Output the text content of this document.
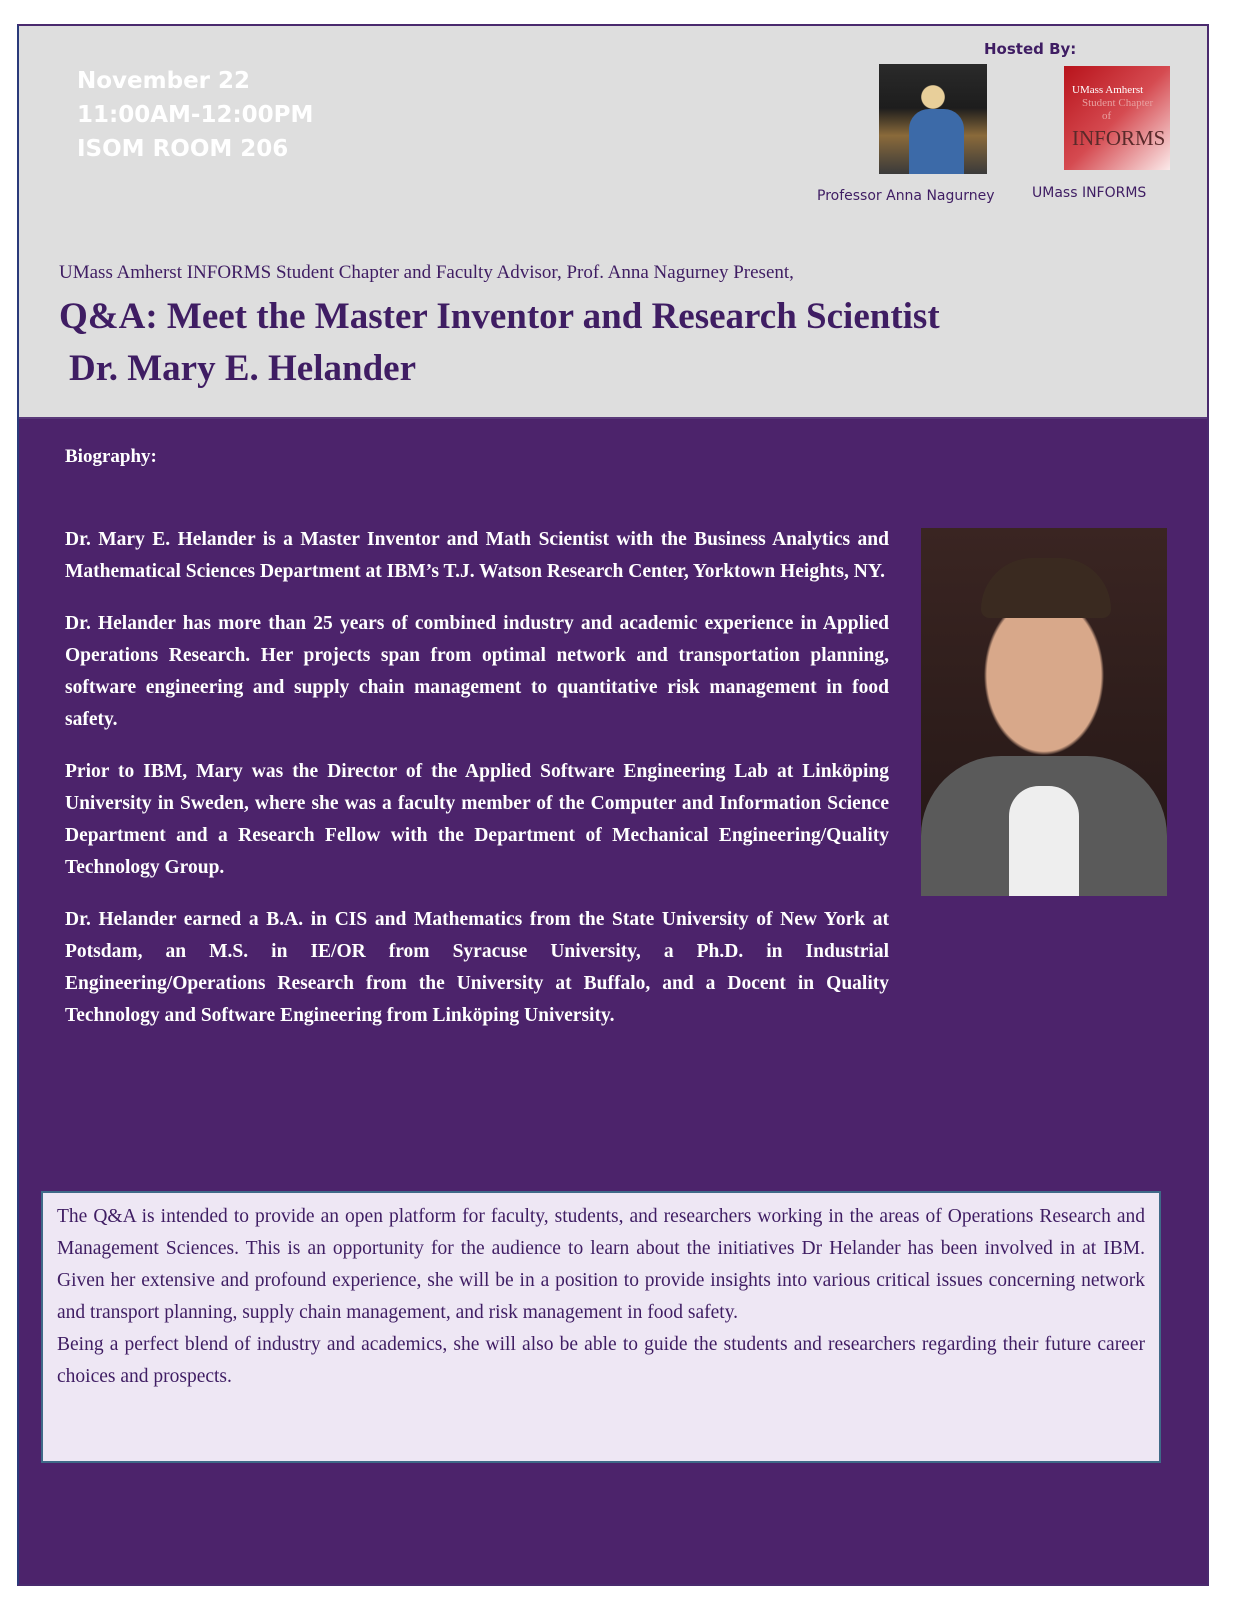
November 22
11:00AM-12:00PM
ISOM ROOM 206
Hosted By:
Professor Anna Nagurney
UMass Amherst
Student Chapter
of
INFORMS
UMass INFORMS
UMass Amherst INFORMS Student Chapter and Faculty Advisor, Prof. Anna Nagurney Present,
Q&A: Meet the Master Inventor and Research Scientist
Dr. Mary E. Helander
Biography:

Dr. Mary E. Helander is a Master Inventor and Math Scientist with the Business Analytics and Mathematical Sciences Department at IBM’s T.J. Watson Research Center, Yorktown Heights, NY.

Dr. Helander has more than 25 years of combined industry and academic experience in Applied Operations Research. Her projects span from optimal network and transportation planning, software engineering and supply chain management to quantitative risk management in food safety.

Prior to IBM, Mary was the Director of the Applied Software Engineering Lab at Linköping University in Sweden, where she was a faculty member of the Computer and Information Science Department and a Research Fellow with the Department of Mechanical Engineering/Quality Technology Group.

Dr. Helander earned a B.A. in CIS and Mathematics from the State University of New York at Potsdam, an M.S. in IE/OR from Syracuse University, a Ph.D. in Industrial Engineering/Operations Research from the University at Buffalo, and a Docent in Quality Technology and Software Engineering from Linköping University.

The Q&A is intended to provide an open platform for faculty, students, and researchers working in the areas of Operations Research and Management Sciences. This is an opportunity for the audience to learn about the initiatives Dr Helander has been involved in at IBM. Given her extensive and profound experience, she will be in a position to provide insights into various critical issues concerning network and transport planning, supply chain management, and risk management in food safety.

Being a perfect blend of industry and academics, she will also be able to guide the students and researchers regarding their future career choices and prospects.
